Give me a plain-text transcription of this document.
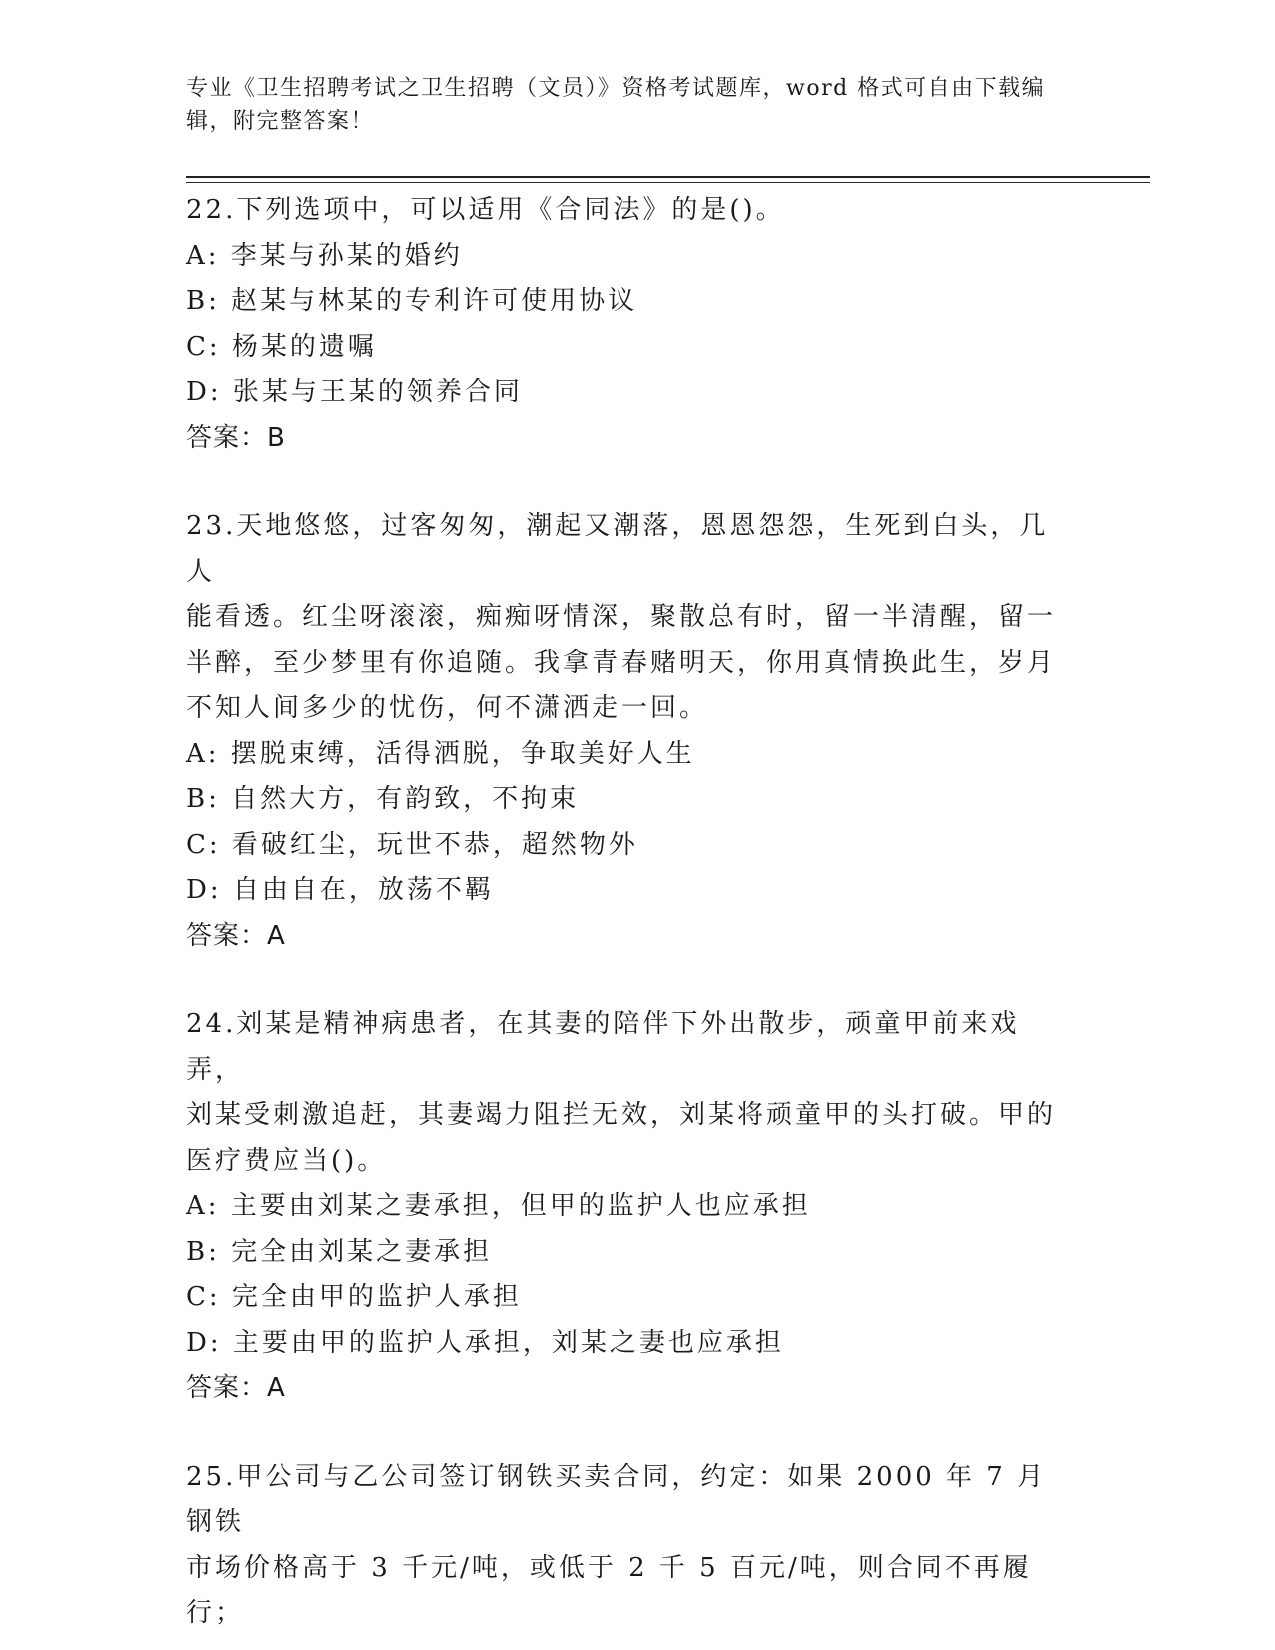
专业《卫生招聘考试之卫生招聘（文员）》资格考试题库，word 格式可自由下载编辑，附完整答案！
22.下列选项中，可以适用《合同法》的是()。
A: 李某与孙某的婚约
B: 赵某与林某的专利许可使用协议
C: 杨某的遗嘱
D: 张某与王某的领养合同
答案：B
23.天地悠悠，过客匆匆，潮起又潮落，恩恩怨怨，生死到白头，几人
能看透。红尘呀滚滚，痴痴呀情深，聚散总有时，留一半清醒，留一
半醉，至少梦里有你追随。我拿青春赌明天，你用真情换此生，岁月
不知人间多少的忧伤，何不潇洒走一回。
A: 摆脱束缚，活得洒脱，争取美好人生
B: 自然大方，有韵致，不拘束
C: 看破红尘，玩世不恭，超然物外
D: 自由自在，放荡不羁
答案：A
24.刘某是精神病患者，在其妻的陪伴下外出散步，顽童甲前来戏弄，
刘某受刺激追赶，其妻竭力阻拦无效，刘某将顽童甲的头打破。甲的
医疗费应当()。
A: 主要由刘某之妻承担，但甲的监护人也应承担
B: 完全由刘某之妻承担
C: 完全由甲的监护人承担
D: 主要由甲的监护人承担，刘某之妻也应承担
答案：A
25.甲公司与乙公司签订钢铁买卖合同，约定：如果 2000 年 7 月钢铁
市场价格高于 3 千元/吨，或低于 2 千 5 百元/吨，则合同不再履行；
